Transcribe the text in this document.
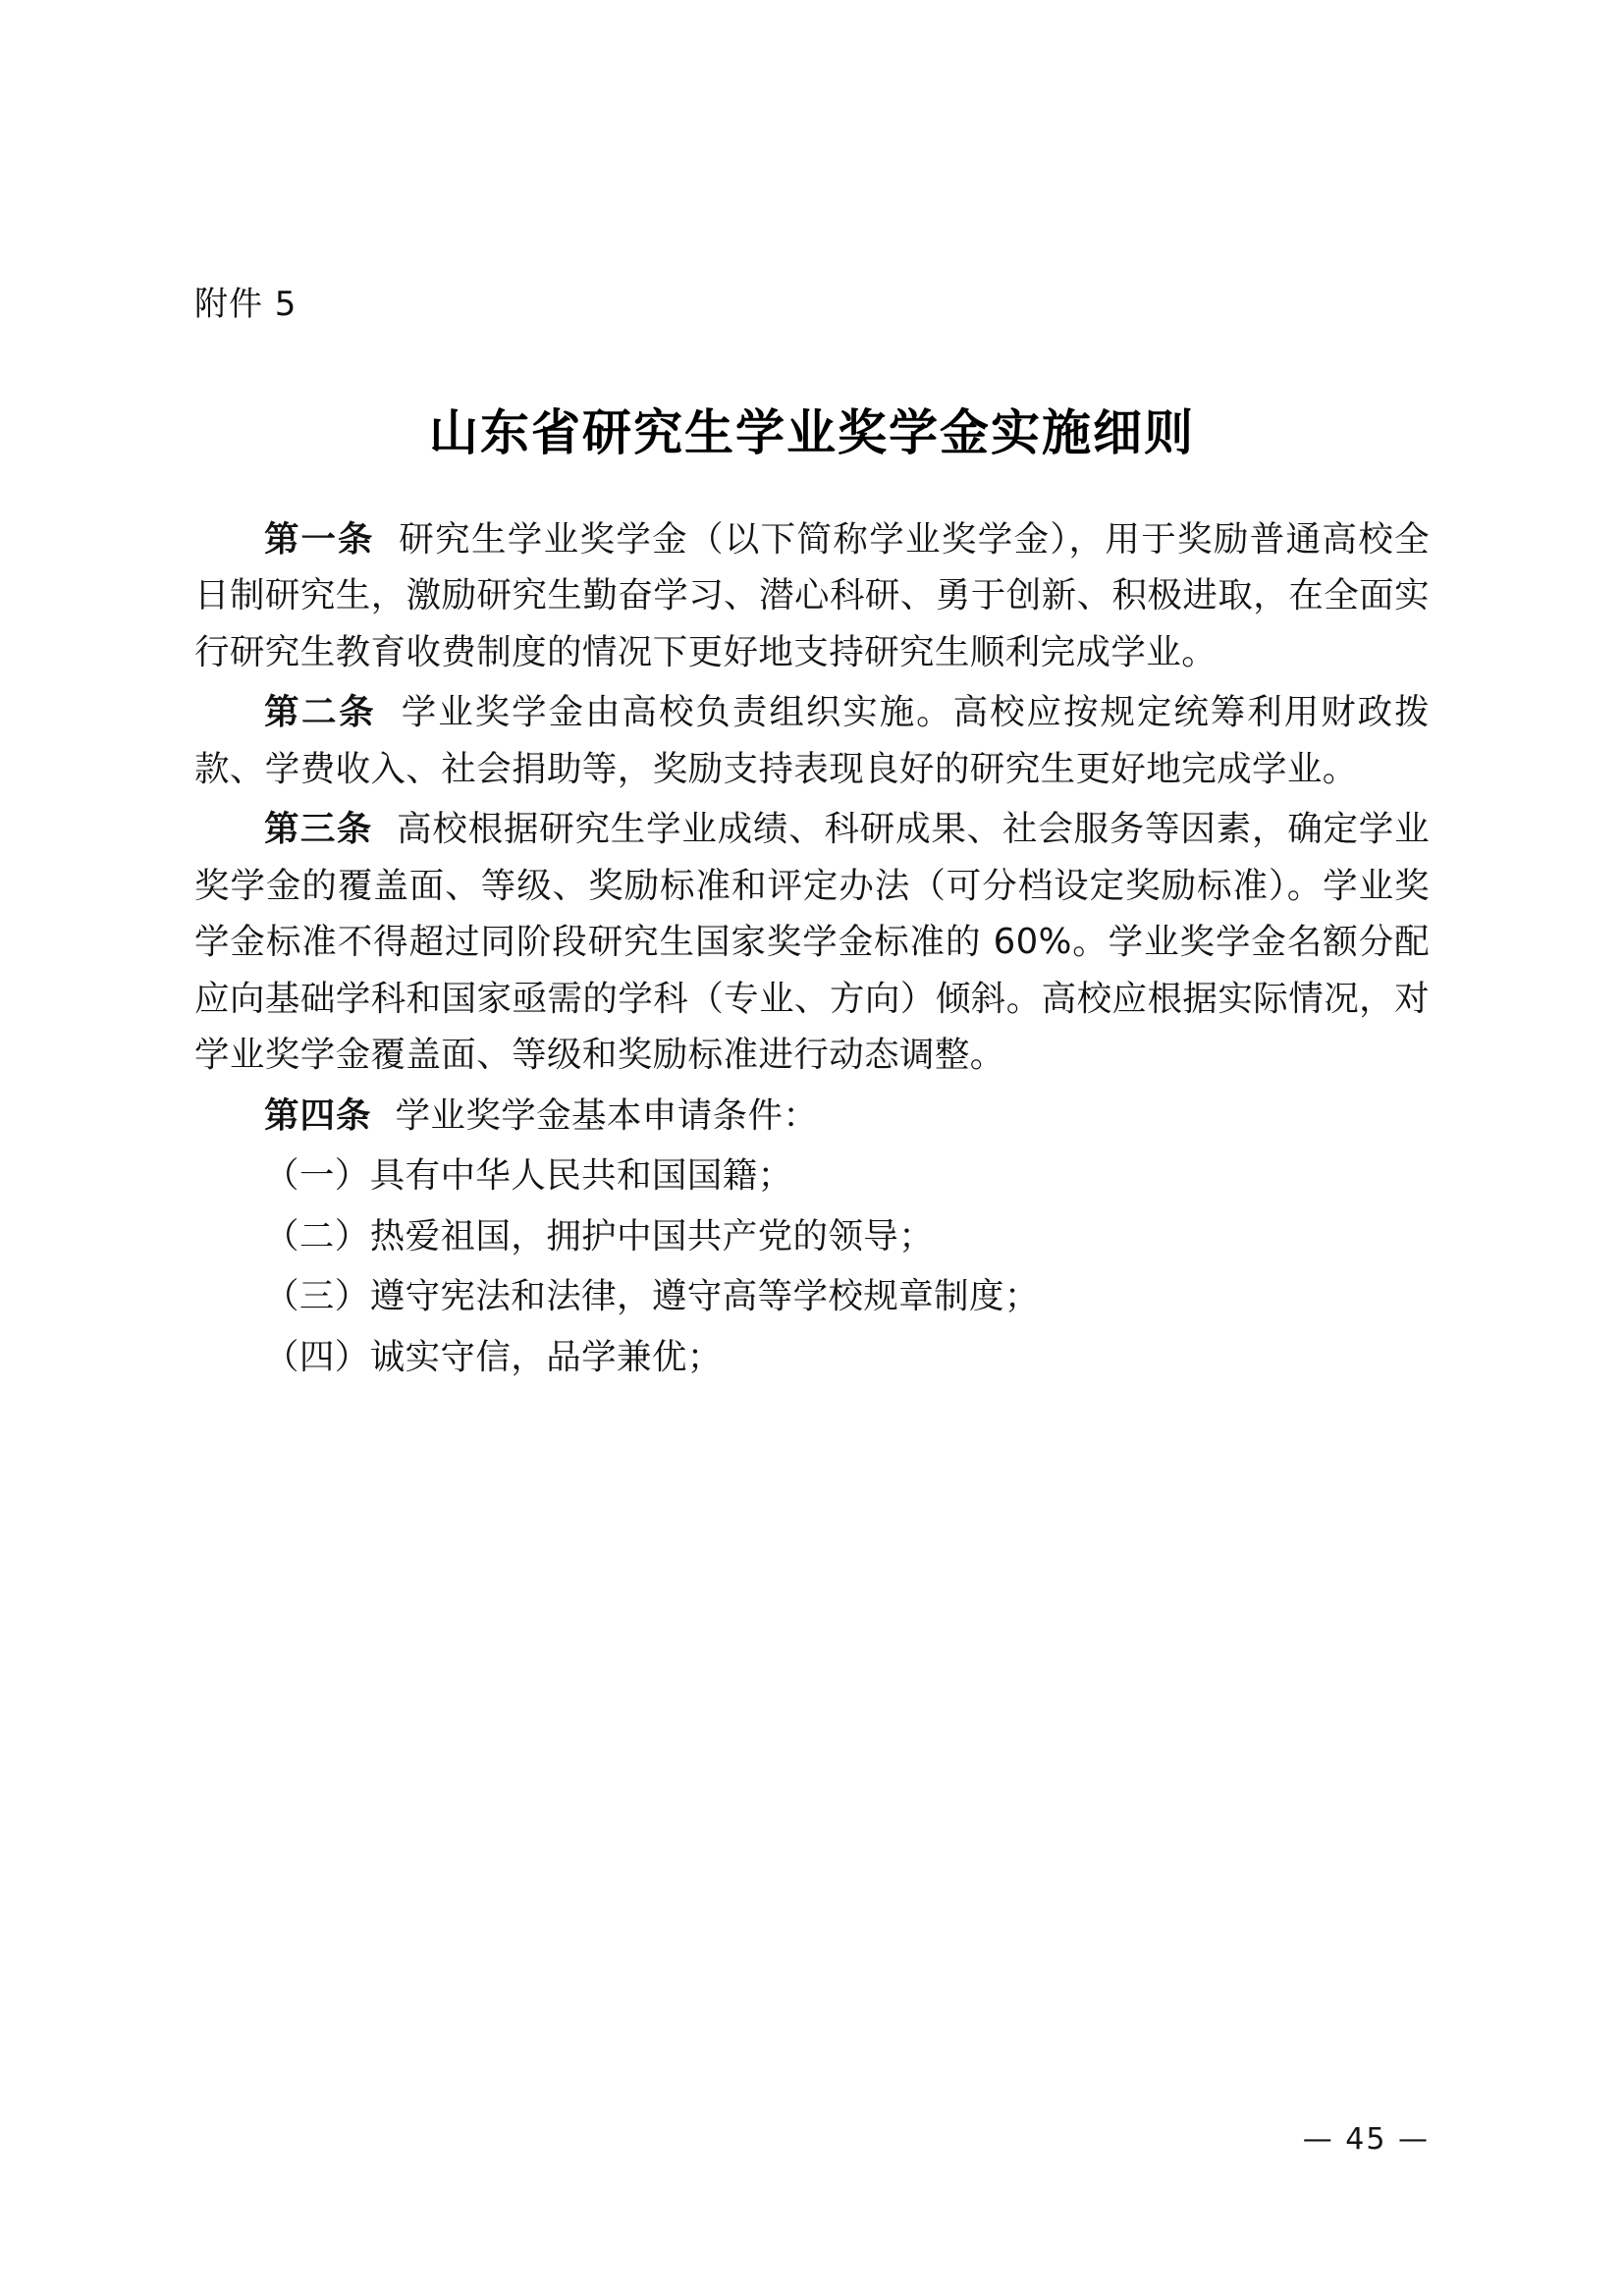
附件 5
山东省研究生学业奖学金实施细则

第一条 研究生学业奖学金（以下简称学业奖学金），用于奖励普通高校全日制研究生，激励研究生勤奋学习、潜心科研、勇于创新、积极进取，在全面实行研究生教育收费制度的情况下更好地支持研究生顺利完成学业。

第二条 学业奖学金由高校负责组织实施。高校应按规定统筹利用财政拨款、学费收入、社会捐助等，奖励支持表现良好的研究生更好地完成学业。

第三条 高校根据研究生学业成绩、科研成果、社会服务等因素，确定学业奖学金的覆盖面、等级、奖励标准和评定办法（可分档设定奖励标准）。学业奖学金标准不得超过同阶段研究生国家奖学金标准的 60%。学业奖学金名额分配应向基础学科和国家亟需的学科（专业、方向）倾斜。高校应根据实际情况，对学业奖学金覆盖面、等级和奖励标准进行动态调整。

第四条 学业奖学金基本申请条件：

（一）具有中华人民共和国国籍；

（二）热爱祖国，拥护中国共产党的领导；

（三）遵守宪法和法律，遵守高等学校规章制度；

（四）诚实守信，品学兼优；

— 45 —
